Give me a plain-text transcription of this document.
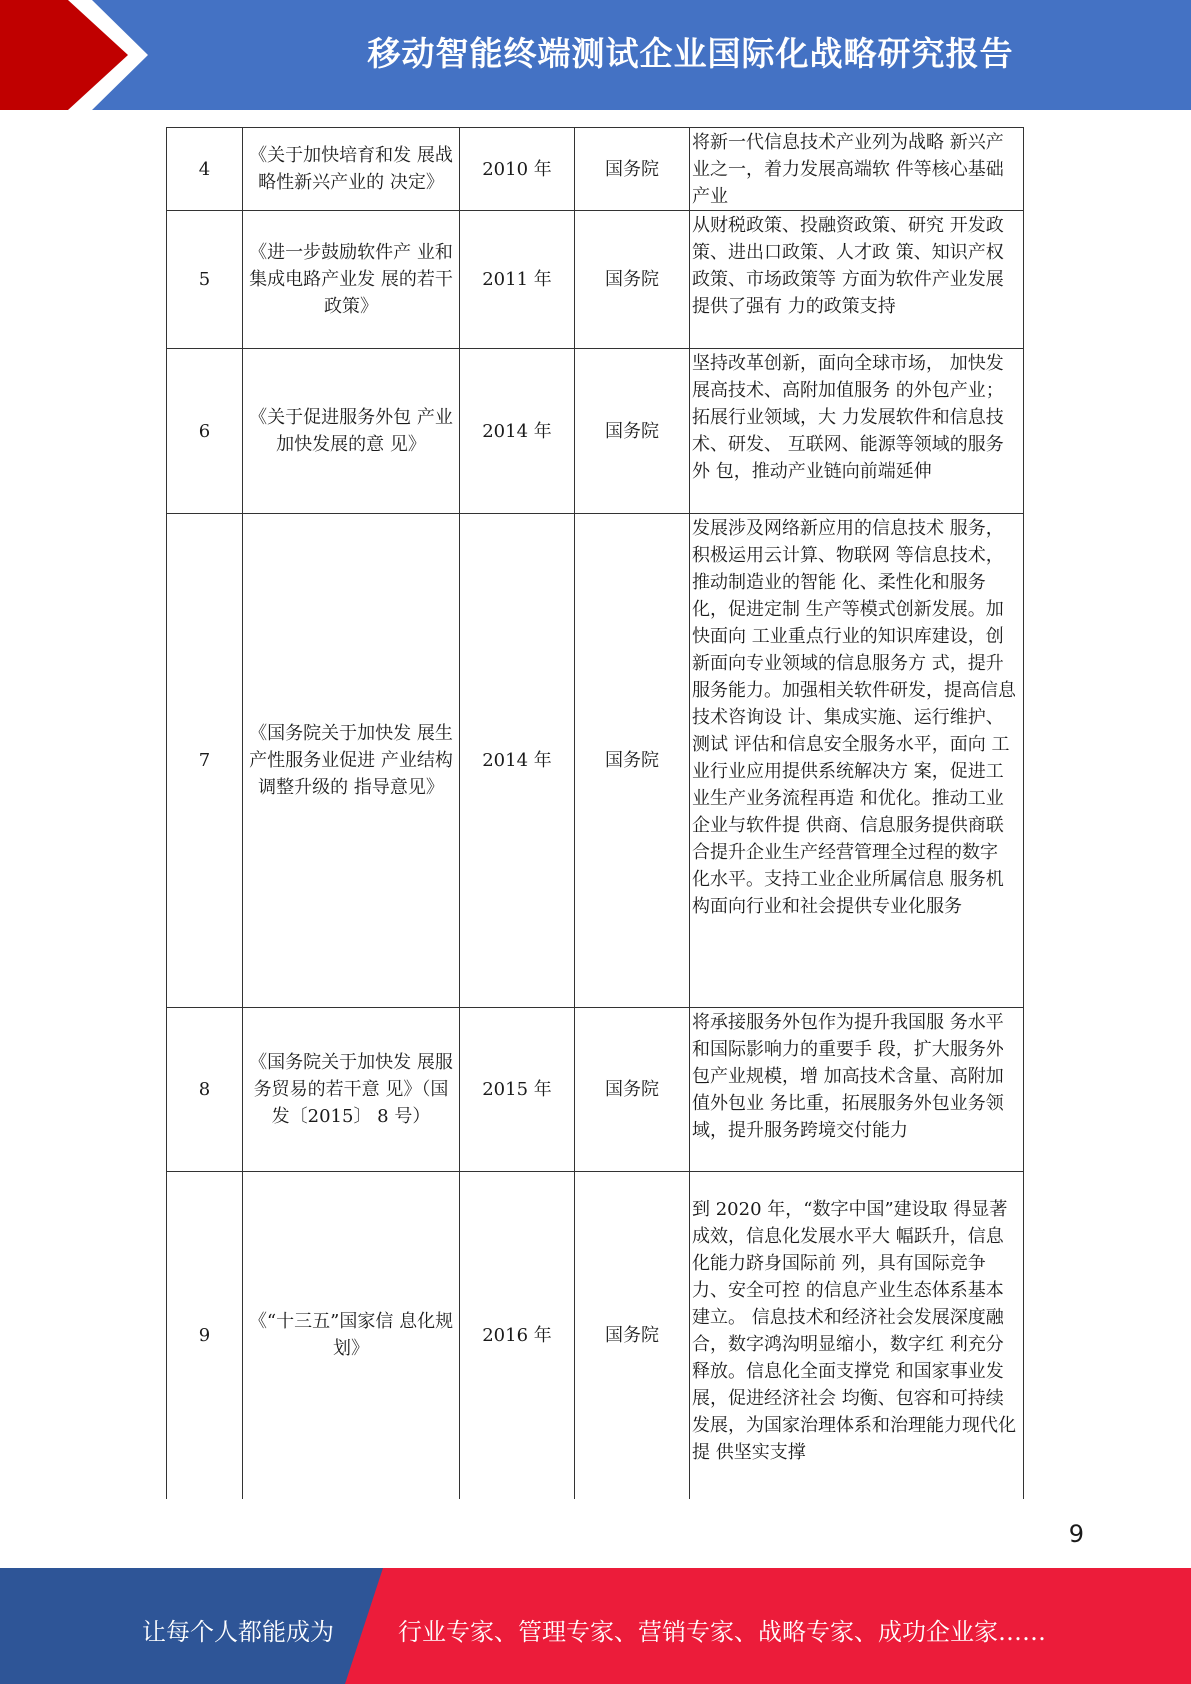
移动智能终端测试企业国际化战略研究报告
4	《关于加快培育和发 展战略性新兴产业的 决定》	2010 年	国务院	将新一代信息技术产业列为战略 新兴产业之一，着力发展高端软 件等核心基础产业
5	《进一步鼓励软件产 业和集成电路产业发 展的若干政策》	2011 年	国务院	从财税政策、投融资政策、研究 开发政策、进出口政策、人才政 策、知识产权政策、市场政策等 方面为软件产业发展提供了强有 力的政策支持
6	《关于促进服务外包 产业加快发展的意 见》	2014 年	国务院	坚持改革创新，面向全球市场， 加快发展高技术、高附加值服务 的外包产业；拓展行业领域，大 力发展软件和信息技术、研发、 互联网、能源等领域的服务外 包，推动产业链向前端延伸
7	《国务院关于加快发 展生产性服务业促进 产业结构调整升级的 指导意见》	2014 年	国务院	发展涉及网络新应用的信息技术 服务，积极运用云计算、物联网 等信息技术，推动制造业的智能 化、柔性化和服务化，促进定制 生产等模式创新发展。加快面向 工业重点行业的知识库建设，创 新面向专业领域的信息服务方 式，提升服务能力。加强相关软件研发，提高信息技术咨询设 计、集成实施、运行维护、测试 评估和信息安全服务水平，面向 工业行业应用提供系统解决方 案，促进工业生产业务流程再造 和优化。推动工业企业与软件提 供商、信息服务提供商联合提升企业生产经营管理全过程的数字 化水平。支持工业企业所属信息 服务机构面向行业和社会提供专业化服务
8	《国务院关于加快发 展服务贸易的若干意 见》（国发〔2015〕 8 号）	2015 年	国务院	将承接服务外包作为提升我国服 务水平和国际影响力的重要手 段，扩大服务外包产业规模，增 加高技术含量、高附加值外包业 务比重，拓展服务外包业务领 域，提升服务跨境交付能力
9	《“十三五”国家信 息化规划》	2016 年	国务院	到 2020 年，“数字中国”建设取 得显著成效，信息化发展水平大 幅跃升，信息化能力跻身国际前 列，具有国际竞争力、安全可控 的信息产业生态体系基本建立。 信息技术和经济社会发展深度融 合，数字鸿沟明显缩小，数字红 利充分释放。信息化全面支撑党 和国家事业发展，促进经济社会 均衡、包容和可持续发展，为国家治理体系和治理能力现代化提 供坚实支撑
9
让每个人都能成为	行业专家、管理专家、营销专家、战略专家、成功企业家……
